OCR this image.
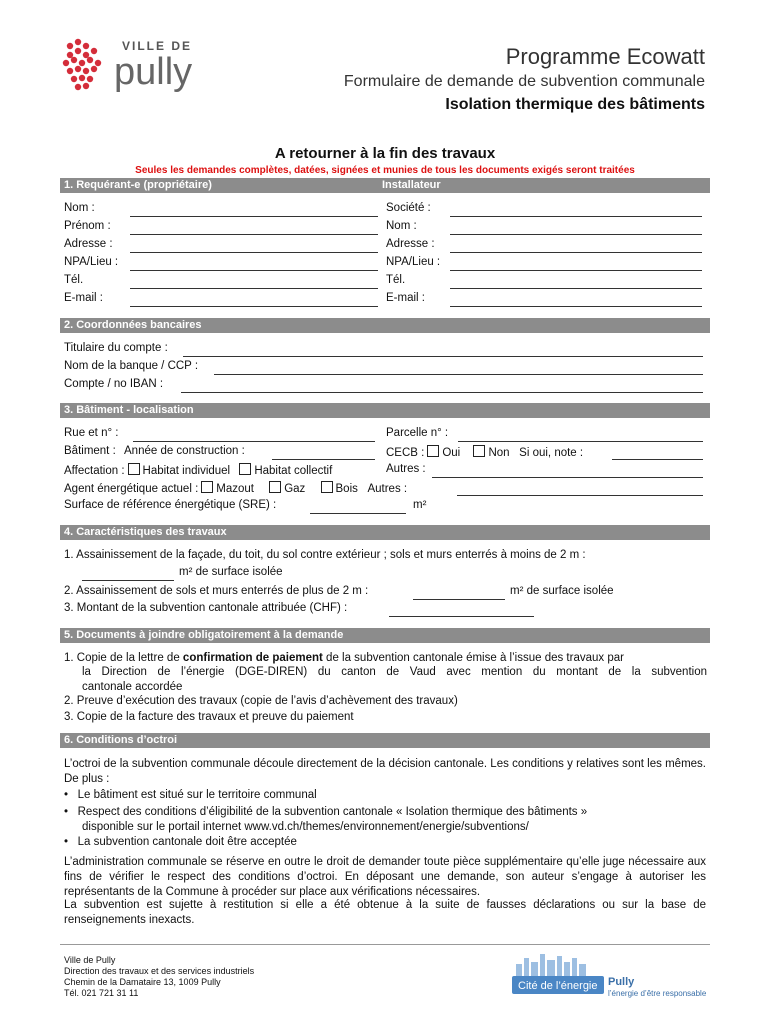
VILLE DE
pully	Programme Ecowatt
Formulaire de demande de subvention communale
Isolation thermique des bâtiments
A retourner à la fin des travaux
Seules les demandes complètes, datées, signées et munies de tous les documents exigés seront traitées
1. Requérant-e (propriétaire)	Installateur
Nom :	Société :
Prénom :	Nom :
Adresse :	Adresse :
NPA/Lieu :	NPA/Lieu :
Tél.	Tél.
E-mail :	E-mail :
2. Coordonnées bancaires
Titulaire du compte :
Nom de la banque / CCP :
Compte / no IBAN :
3. Bâtiment - localisation
Rue et n° :	Parcelle n° :
Bâtiment : Année de construction :	CECB : Oui Non Si oui, note :
Affectation : Habitat individuel Habitat collectif	Autres :
Agent énergétique actuel : Mazout	Gaz	Bois Autres :
Surface de référence énergétique (SRE) :	m²
4. Caractéristiques des travaux
1. Assainissement de la façade, du toit, du sol contre extérieur ; sols et murs enterrés à moins de 2 m :
m² de surface isolée
2. Assainissement de sols et murs enterrés de plus de 2 m :	m² de surface isolée
3. Montant de la subvention cantonale attribuée (CHF) :
5. Documents à joindre obligatoirement à la demande
1. Copie de la lettre de confirmation de paiement de la subvention cantonale émise à l’issue des travaux par
la Direction de l’énergie (DGE-DIREN) du canton de Vaud avec mention du montant de la subvention
cantonale accordée
2. Preuve d’exécution des travaux (copie de l’avis d’achèvement des travaux)
3. Copie de la facture des travaux et preuve du paiement
6. Conditions d’octroi
L’octroi de la subvention communale découle directement de la décision cantonale. Les conditions y relatives sont les mêmes. De plus :
•   Le bâtiment est situé sur le territoire communal
•   Respect des conditions d’éligibilité de la subvention cantonale « Isolation thermique des bâtiments »
disponible sur le portail internet www.vd.ch/themes/environnement/energie/subventions/
•   La subvention cantonale doit être acceptée
L’administration communale se réserve en outre le droit de demander toute pièce supplémentaire qu’elle juge nécessaire aux fins de vérifier le respect des conditions d’octroi. En déposant une demande, son auteur s’engage à autoriser les représentants de la Commune à procéder sur place aux vérifications nécessaires.
La subvention est sujette à restitution si elle a été obtenue à la suite de fausses déclarations ou sur la base de renseignements inexacts.
Ville de Pully
Direction des travaux et des services industriels
Chemin de la Damataire 13, 1009 Pully
Tél. 021 721 31 11
Cité de l’énergie Pully
l’énergie d’être responsable
